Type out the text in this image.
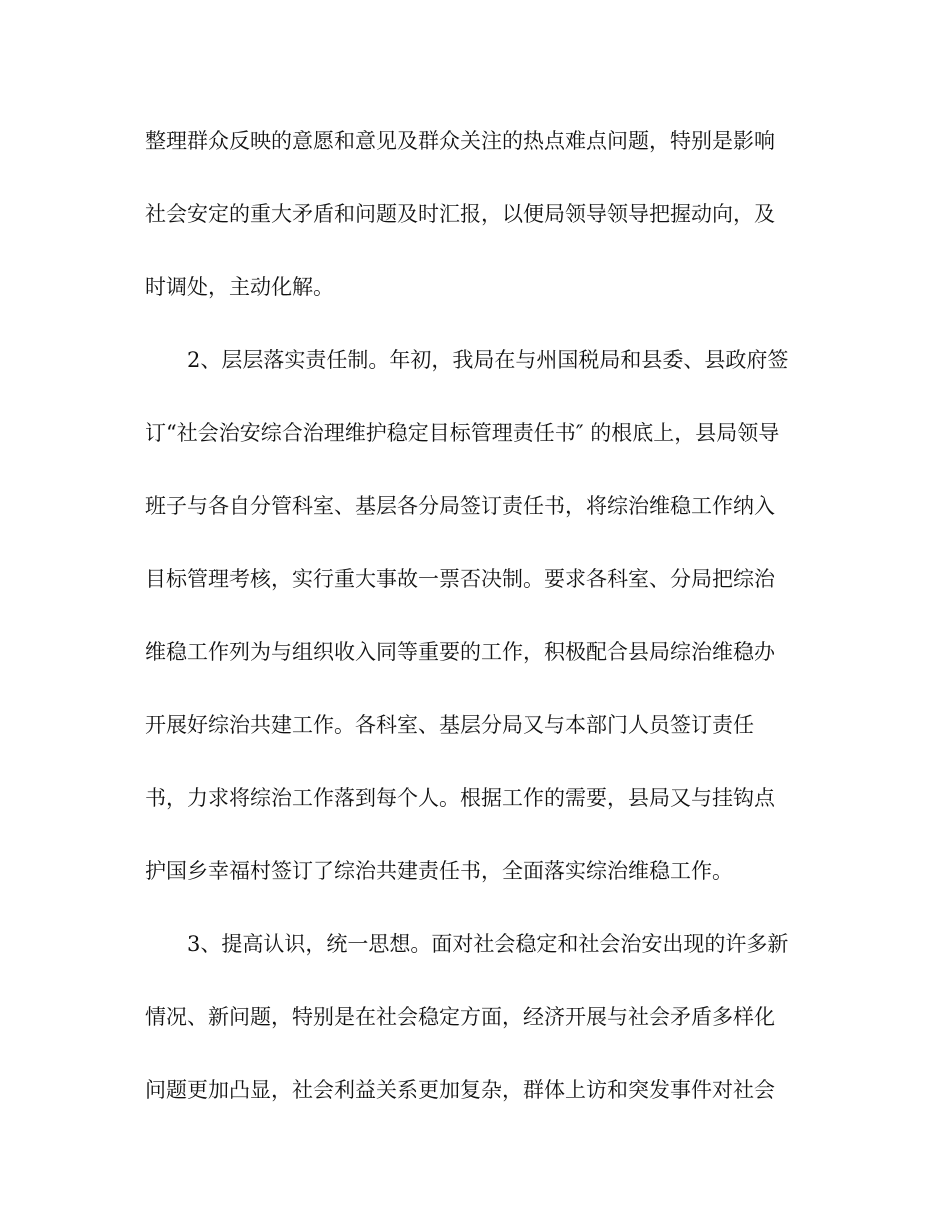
整理群众反映的意愿和意见及群众关注的热点难点问题，特别是影响
社会安定的重大矛盾和问题及时汇报，以便局领导领导把握动向，及
时调处，主动化解。
2、层层落实责任制。年初，我局在与州国税局和县委、县政府签
订“社会治安综合治理维护稳定目标管理责任书″ 的根底上，县局领导
班子与各自分管科室、基层各分局签订责任书，将综治维稳工作纳入
目标管理考核，实行重大事故一票否决制。要求各科室、分局把综治
维稳工作列为与组织收入同等重要的工作，积极配合县局综治维稳办
开展好综治共建工作。各科室、基层分局又与本部门人员签订责任
书，力求将综治工作落到每个人。根据工作的需要，县局又与挂钩点
护国乡幸福村签订了综治共建责任书，全面落实综治维稳工作。
3、提高认识，统一思想。面对社会稳定和社会治安出现的许多新
情况、新问题，特别是在社会稳定方面，经济开展与社会矛盾多样化
问题更加凸显，社会利益关系更加复杂，群体上访和突发事件对社会
